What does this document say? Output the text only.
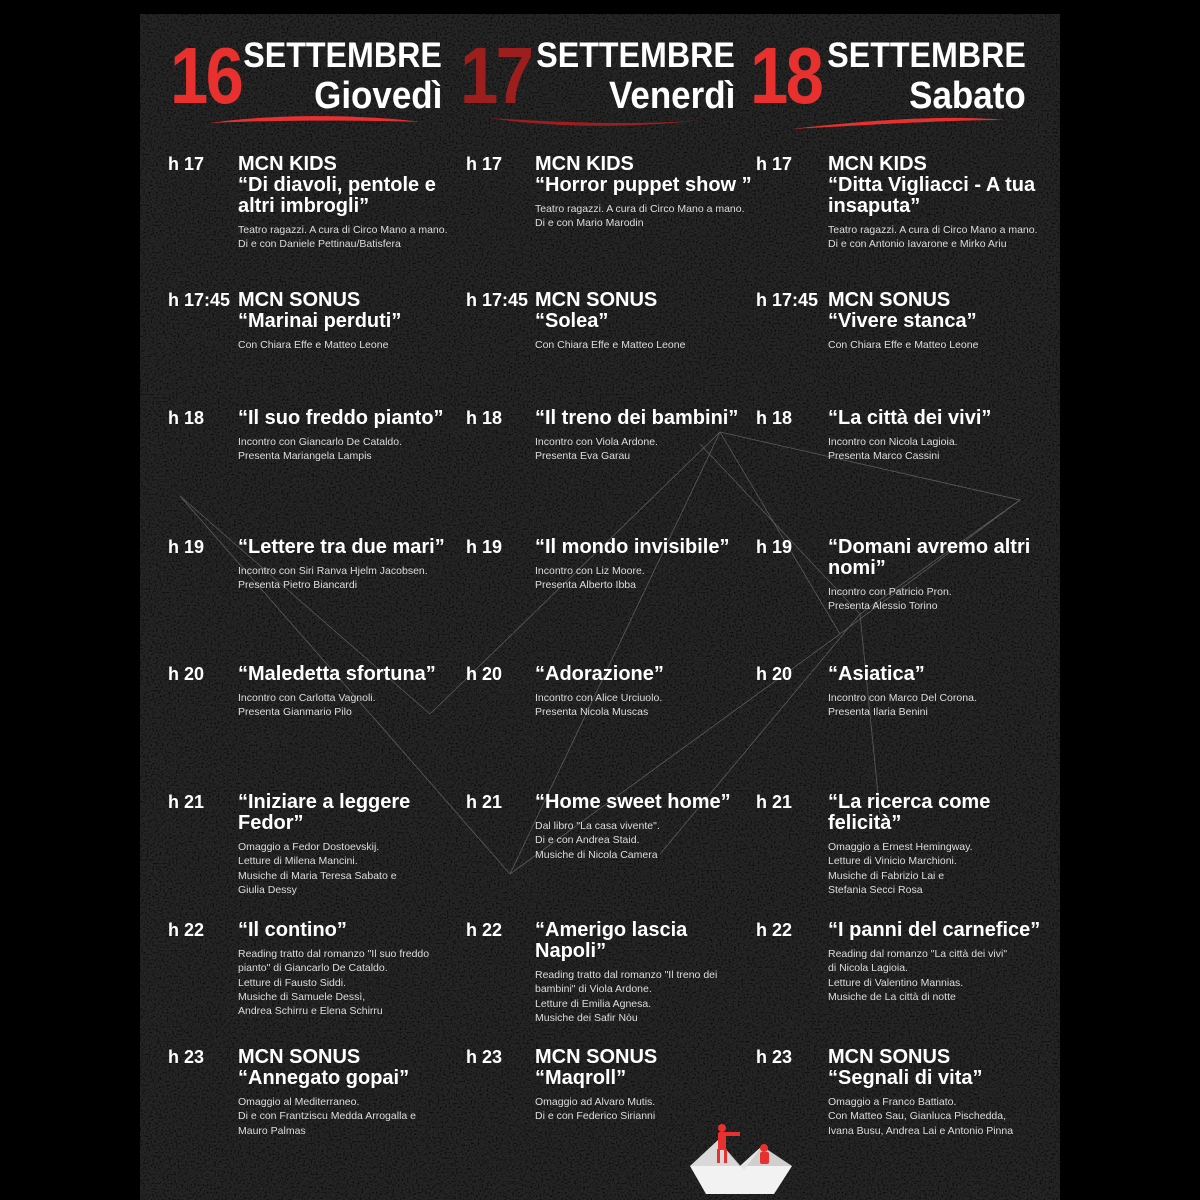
16 SETTEMBRE
Giovedì 17 SETTEMBRE
Venerdì 18 SETTEMBRE
Sabato
h 17 MCN KIDS
“Di diavoli, pentole e altri imbrogli”
Teatro ragazzi. A cura di Circo Mano a mano.
Di e con Daniele Pettinau/Batisfera
h 17:45 MCN SONUS
“Marinai perduti”
Con Chiara Effe e Matteo Leone
h 18 “Il suo freddo pianto”
Incontro con Giancarlo De Cataldo.
Presenta Mariangela Lampis
h 19 “Lettere tra due mari”
Incontro con Siri Ranva Hjelm Jacobsen.
Presenta Pietro Biancardi
h 20 “Maledetta sfortuna”
Incontro con Carlotta Vagnoli.
Presenta Gianmario Pilo
h 21 “Iniziare a leggere Fedor”
Omaggio a Fedor Dostoevskij.
Letture di Milena Mancini.
Musiche di Maria Teresa Sabato e
Giulia Dessy
h 22 “Il contino”
Reading tratto dal romanzo "Il suo freddo
pianto" di Giancarlo De Cataldo.
Letture di Fausto Siddi.
Musiche di Samuele Dessì,
Andrea Schirru e Elena Schirru
h 23 MCN SONUS
“Annegato gopai”
Omaggio al Mediterraneo.
Di e con Frantziscu Medda Arrogalla e
Mauro Palmas
h 17 MCN KIDS
“Horror puppet show ”
Teatro ragazzi. A cura di Circo Mano a mano.
Di e con Mario Marodin
h 17:45 MCN SONUS
“Solea”
Con Chiara Effe e Matteo Leone
h 18 “Il treno dei bambini”
Incontro con Viola Ardone.
Presenta Eva Garau
h 19 “Il mondo invisibile”
Incontro con Liz Moore.
Presenta Alberto Ibba
h 20 “Adorazione”
Incontro con Alice Urciuolo.
Presenta Nicola Muscas
h 21 “Home sweet home”
Dal libro "La casa vivente".
Di e con Andrea Staid.
Musiche di Nicola Camera
h 22 “Amerigo lascia Napoli”
Reading tratto dal romanzo "Il treno dei
bambini" di Viola Ardone.
Letture di Emilia Agnesa.
Musiche dei Safir Nòu
h 23 MCN SONUS
“Maqroll”
Omaggio ad Alvaro Mutis.
Di e con Federico Sirianni
h 17 MCN KIDS
“Ditta Vigliacci - A tua insaputa”
Teatro ragazzi. A cura di Circo Mano a mano.
Di e con Antonio Iavarone e Mirko Ariu
h 17:45 MCN SONUS
“Vivere stanca”
Con Chiara Effe e Matteo Leone
h 18 “La città dei vivi”
Incontro con Nicola Lagioia.
Presenta Marco Cassini
h 19 “Domani avremo altri nomi”
Incontro con Patricio Pron.
Presenta Alessio Torino
h 20 “Asiatica”
Incontro con Marco Del Corona.
Presenta Ilaria Benini
h 21 “La ricerca come felicità”
Omaggio a Ernest Hemingway.
Letture di Vinicio Marchioni.
Musiche di Fabrizio Lai e
Stefania Secci Rosa
h 22 “I panni del carnefice”
Reading dal romanzo "La città dei vivi"
di Nicola Lagioia.
Letture di Valentino Mannias.
Musiche de La città di notte
h 23 MCN SONUS
“Segnali di vita”
Omaggio a Franco Battiato.
Con Matteo Sau, Gianluca Pischedda,
Ivana Busu, Andrea Lai e Antonio Pinna
